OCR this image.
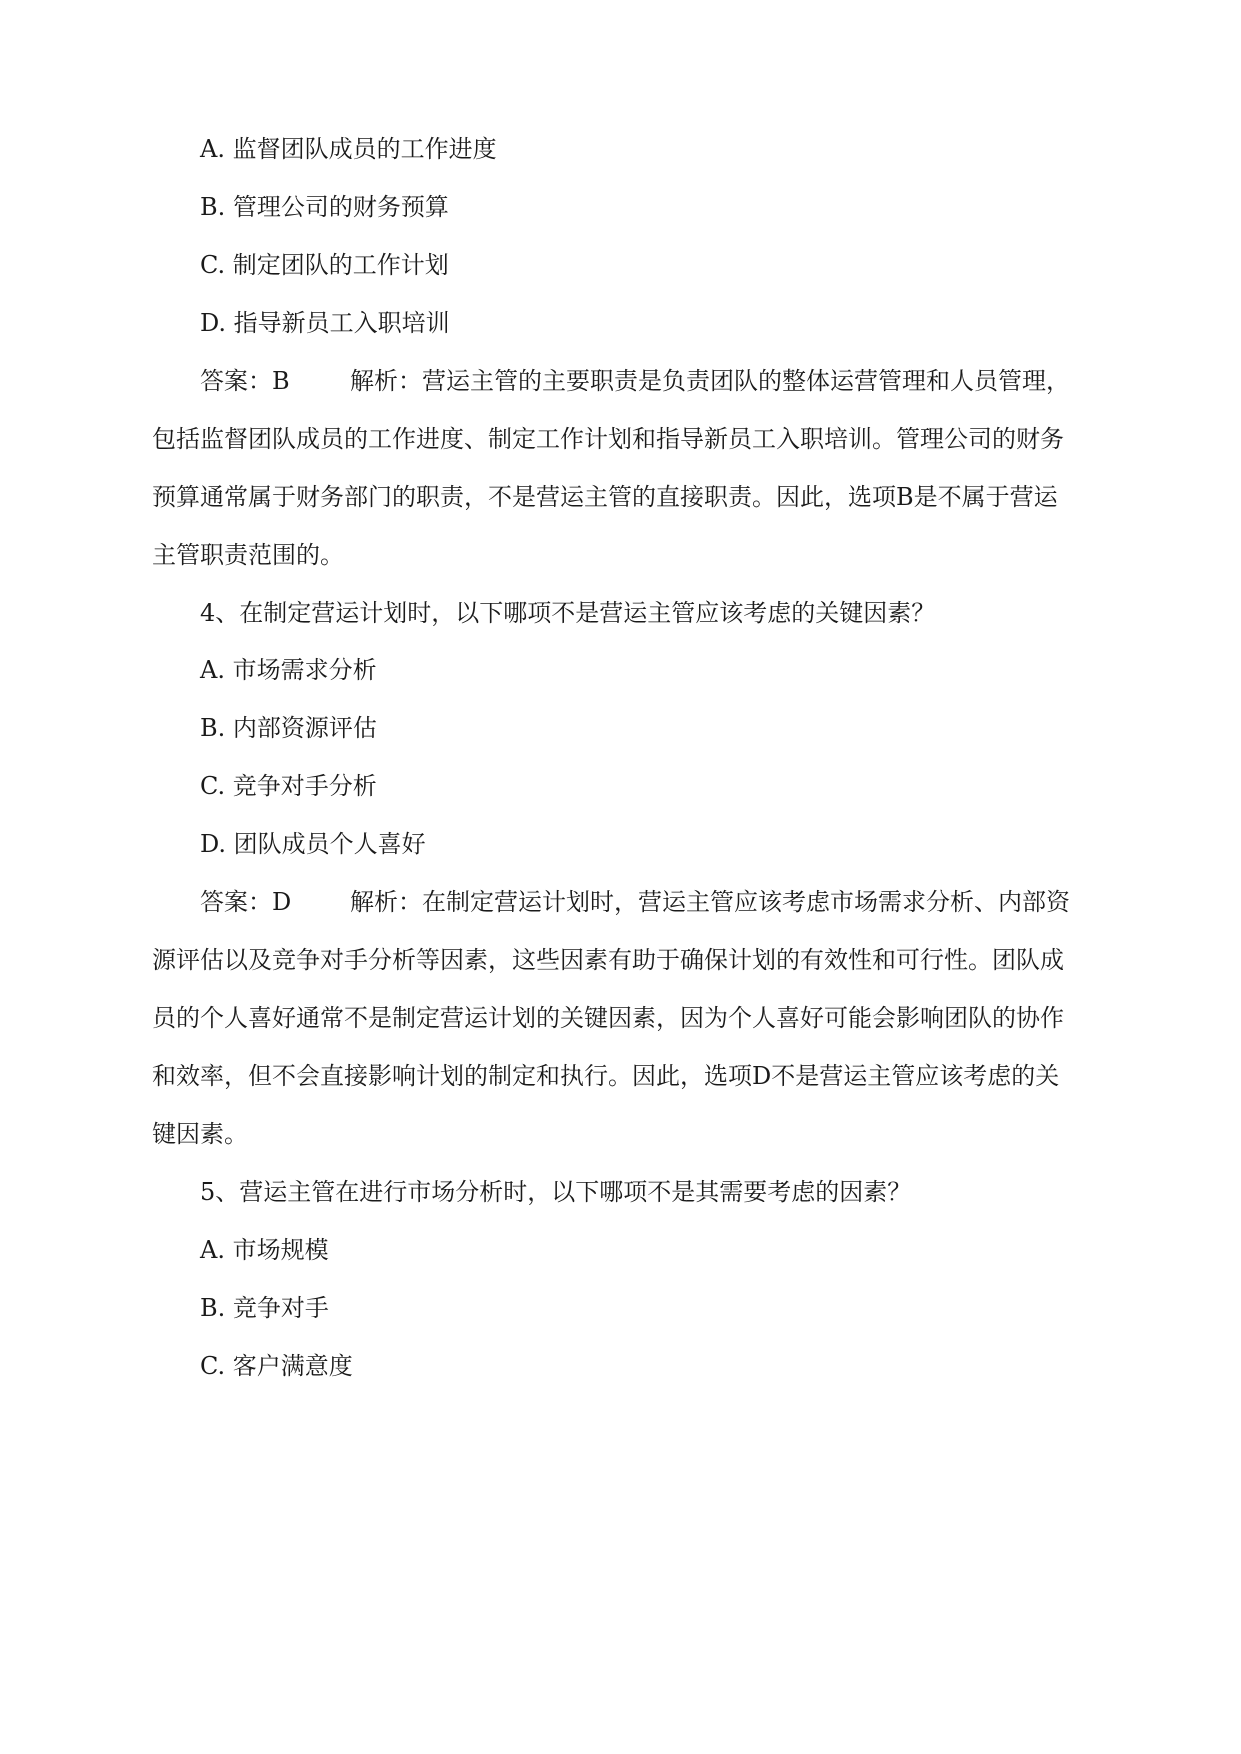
A. 监督团队成员的工作进度
B. 管理公司的财务预算
C. 制定团队的工作计划
D. 指导新员工入职培训
答案：B	解析：营运主管的主要职责是负责团队的整体运营管理和人员管理，
包括监督团队成员的工作进度、制定工作计划和指导新员工入职培训。管理公司的财务
预算通常属于财务部门的职责，不是营运主管的直接职责。因此，选项B是不属于营运
主管职责范围的。
4、在制定营运计划时，以下哪项不是营运主管应该考虑的关键因素？
A. 市场需求分析
B. 内部资源评估
C. 竞争对手分析
D. 团队成员个人喜好
答案：D 解析：在制定营运计划时，营运主管应该考虑市场需求分析、内部资
源评估以及竞争对手分析等因素，这些因素有助于确保计划的有效性和可行性。团队成
员的个人喜好通常不是制定营运计划的关键因素，因为个人喜好可能会影响团队的协作
和效率，但不会直接影响计划的制定和执行。因此，选项D不是营运主管应该考虑的关
键因素。
5、营运主管在进行市场分析时，以下哪项不是其需要考虑的因素？
A. 市场规模
B. 竞争对手
C. 客户满意度
